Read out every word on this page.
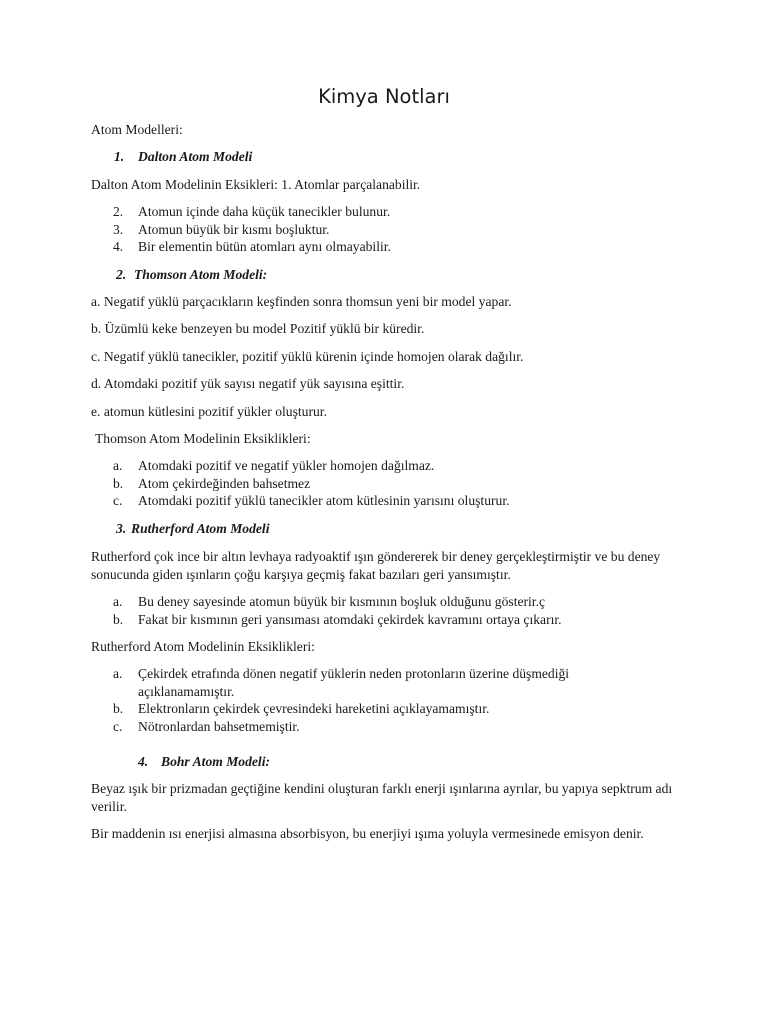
Kimya Notları

Atom Modelleri:

1. Dalton Atom Modeli

Dalton Atom Modelinin Eksikleri: 1. Atomlar parçalanabilir.

2. Atomun içinde daha küçük tanecikler bulunur.
3. Atomun büyük bir kısmı boşluktur.
4. Bir elementin bütün atomları aynı olmayabilir.

2. Thomson Atom Modeli:

a. Negatif yüklü parçacıkların keşfinden sonra thomsun yeni bir model yapar.

b. Üzümlü keke benzeyen bu model Pozitif yüklü bir küredir.

c. Negatif yüklü tanecikler, pozitif yüklü kürenin içinde homojen olarak dağılır.

d. Atomdaki pozitif yük sayısı negatif yük sayısına eşittir.

e. atomun kütlesini pozitif yükler oluşturur.

Thomson Atom Modelinin Eksiklikleri:

a. Atomdaki pozitif ve negatif yükler homojen dağılmaz.
b. Atom çekirdeğinden bahsetmez
c. Atomdaki pozitif yüklü tanecikler atom kütlesinin yarısını oluşturur.

3. Rutherford Atom Modeli

Rutherford çok ince bir altın levhaya radyoaktif ışın göndererek bir deney gerçekleştirmiştir ve bu deney sonucunda giden ışınların çoğu karşıya geçmiş fakat bazıları geri yansımıştır.

a. Bu deney sayesinde atomun büyük bir kısmının boşluk olduğunu gösterir.ç
b. Fakat bir kısmının geri yansıması atomdaki çekirdek kavramını ortaya çıkarır.

Rutherford Atom Modelinin Eksiklikleri:

a. Çekirdek etrafında dönen negatif yüklerin neden protonların üzerine düşmediği açıklanamamıştır.
b. Elektronların çekirdek çevresindeki hareketini açıklayamamıştır.
c. Nötronlardan bahsetmemiştir.

4. Bohr Atom Modeli:

Beyaz ışık bir prizmadan geçtiğine kendini oluşturan farklı enerji ışınlarına ayrılar, bu yapıya sepktrum adı verilir.

Bir maddenin ısı enerjisi almasına absorbisyon, bu enerjiyi ışıma yoluyla vermesinede emisyon denir.
